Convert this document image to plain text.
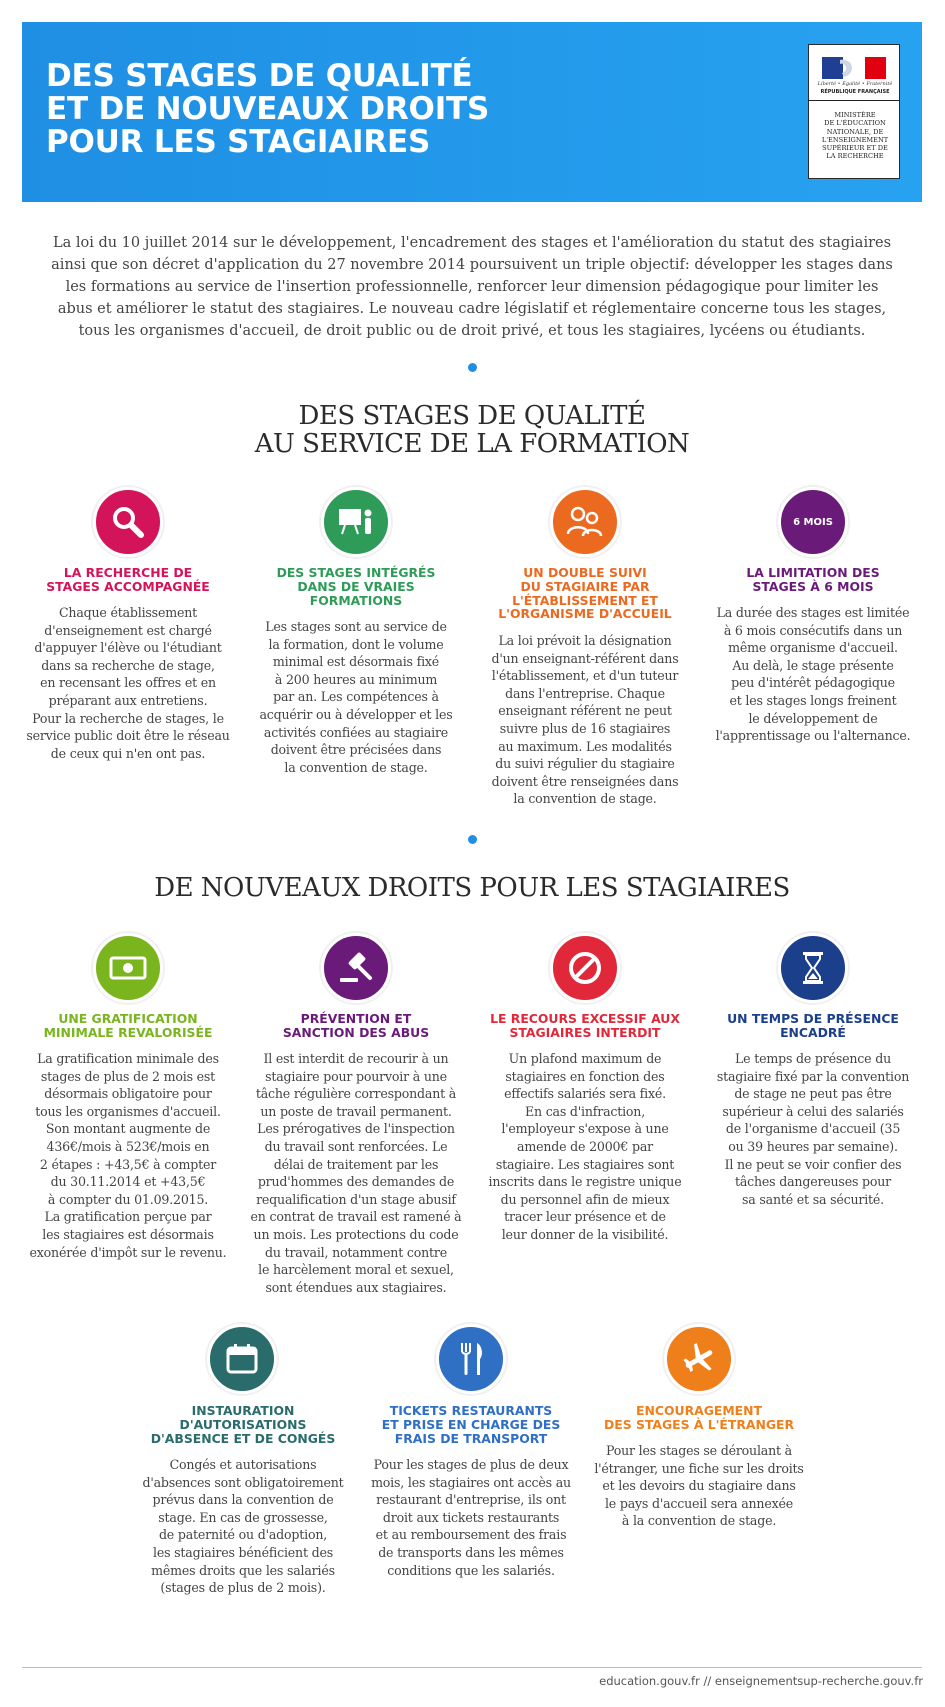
DES STAGES DE QUALITÉ
ET DE NOUVEAUX DROITS
POUR LES STAGIAIRES
Liberté • Égalité • Fraternité
RÉPUBLIQUE FRANÇAISE
MINISTÈRE
DE L'ÉDUCATION
NATIONALE, DE
L'ENSEIGNEMENT
SUPÉRIEUR ET DE
LA RECHERCHE
La loi du 10 juillet 2014 sur le développement, l'encadrement des stages et l'amélioration du statut des stagiaires
ainsi que son décret d'application du 27 novembre 2014 poursuivent un triple objectif: développer les stages dans
les formations au service de l'insertion professionnelle, renforcer leur dimension pédagogique pour limiter les
abus et améliorer le statut des stagiaires. Le nouveau cadre législatif et réglementaire concerne tous les stages,
tous les organismes d'accueil, de droit public ou de droit privé, et tous les stagiaires, lycéens ou étudiants.
DES STAGES DE QUALITÉ
AU SERVICE DE LA FORMATION
LA RECHERCHE DE
STAGES ACCOMPAGNÉE
Chaque établissement
d'enseignement est chargé
d'appuyer l'élève ou l'étudiant
dans sa recherche de stage,
en recensant les offres et en
préparant aux entretiens.
Pour la recherche de stages, le
service public doit être le réseau
de ceux qui n'en ont pas.
DES STAGES INTÉGRÉS
DANS DE VRAIES
FORMATIONS
Les stages sont au service de
la formation, dont le volume
minimal est désormais fixé
à 200 heures au minimum
par an. Les compétences à
acquérir ou à développer et les
activités confiées au stagiaire
doivent être précisées dans
la convention de stage.
UN DOUBLE SUIVI
DU STAGIAIRE PAR
L'ÉTABLISSEMENT ET
L'ORGANISME D'ACCUEIL
La loi prévoit la désignation
d'un enseignant-référent dans
l'établissement, et d'un tuteur
dans l'entreprise. Chaque
enseignant référent ne peut
suivre plus de 16 stagiaires
au maximum. Les modalités
du suivi régulier du stagiaire
doivent être renseignées dans
la convention de stage.
6 MOIS
LA LIMITATION DES
STAGES À 6 MOIS
La durée des stages est limitée
à 6 mois consécutifs dans un
même organisme d'accueil.
Au delà, le stage présente
peu d'intérêt pédagogique
et les stages longs freinent
le développement de
l'apprentissage ou l'alternance.
DE NOUVEAUX DROITS POUR LES STAGIAIRES
UNE GRATIFICATION
MINIMALE REVALORISÉE
La gratification minimale des
stages de plus de 2 mois est
désormais obligatoire pour
tous les organismes d'accueil.
Son montant augmente de
436€/mois à 523€/mois en
2 étapes : +43,5€ à compter
du 30.11.2014 et +43,5€
à compter du 01.09.2015.
La gratification perçue par
les stagiaires est désormais
exonérée d'impôt sur le revenu.
PRÉVENTION ET
SANCTION DES ABUS
Il est interdit de recourir à un
stagiaire pour pourvoir à une
tâche régulière correspondant à
un poste de travail permanent.
Les prérogatives de l'inspection
du travail sont renforcées. Le
délai de traitement par les
prud'hommes des demandes de
requalification d'un stage abusif
en contrat de travail est ramené à
un mois. Les protections du code
du travail, notamment contre
le harcèlement moral et sexuel,
sont étendues aux stagiaires.
LE RECOURS EXCESSIF AUX
STAGIAIRES INTERDIT
Un plafond maximum de
stagiaires en fonction des
effectifs salariés sera fixé.
En cas d'infraction,
l'employeur s'expose à une
amende de 2000€ par
stagiaire. Les stagiaires sont
inscrits dans le registre unique
du personnel afin de mieux
tracer leur présence et de
leur donner de la visibilité.
UN TEMPS DE PRÉSENCE
ENCADRÉ
Le temps de présence du
stagiaire fixé par la convention
de stage ne peut pas être
supérieur à celui des salariés
de l'organisme d'accueil (35
ou 39 heures par semaine).
Il ne peut se voir confier des
tâches dangereuses pour
sa santé et sa sécurité.
INSTAURATION
D'AUTORISATIONS
D'ABSENCE ET DE CONGÉS
Congés et autorisations
d'absences sont obligatoirement
prévus dans la convention de
stage. En cas de grossesse,
de paternité ou d'adoption,
les stagiaires bénéficient des
mêmes droits que les salariés
(stages de plus de 2 mois).
TICKETS RESTAURANTS
ET PRISE EN CHARGE DES
FRAIS DE TRANSPORT
Pour les stages de plus de deux
mois, les stagiaires ont accès au
restaurant d'entreprise, ils ont
droit aux tickets restaurants
et au remboursement des frais
de transports dans les mêmes
conditions que les salariés.
ENCOURAGEMENT
DES STAGES À L'ÉTRANGER
Pour les stages se déroulant à
l'étranger, une fiche sur les droits
et les devoirs du stagiaire dans
le pays d'accueil sera annexée
à la convention de stage.
education.gouv.fr // enseignementsup-recherche.gouv.fr
